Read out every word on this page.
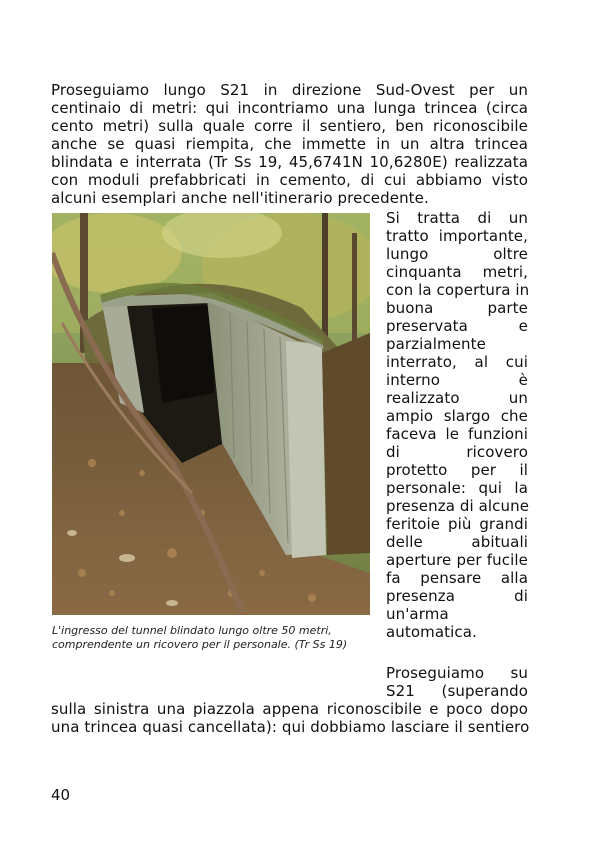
Proseguiamo lungo S21 in direzione Sud-Ovest per un
centinaio di metri: qui incontriamo una lunga trincea (circa
cento metri) sulla quale corre il sentiero, ben riconoscibile
anche se quasi riempita, che immette in un altra trincea
blindata e interrata (Tr Ss 19, 45,6741N 10,6280E) realizzata
con moduli prefabbricati in cemento, di cui abbiamo visto
alcuni esemplari anche nell'itinerario precedente.
L'ingresso del tunnel blindato lungo oltre 50 metri,
comprendente un ricovero per il personale. (Tr Ss 19)
Si tratta di un
tratto importante,
lungo oltre
cinquanta metri,
con la copertura in
buona parte
preservata e
parzialmente
interrato, al cui
interno è
realizzato un
ampio slargo che
faceva le funzioni
di ricovero
protetto per il
personale: qui la
presenza di alcune
feritoie più grandi
delle abituali
aperture per fucile
fa pensare alla
presenza di
un'arma
automatica.
Proseguiamo su
S21 (superando
sulla sinistra una piazzola appena riconoscibile e poco dopo
una trincea quasi cancellata): qui dobbiamo lasciare il sentiero
40
